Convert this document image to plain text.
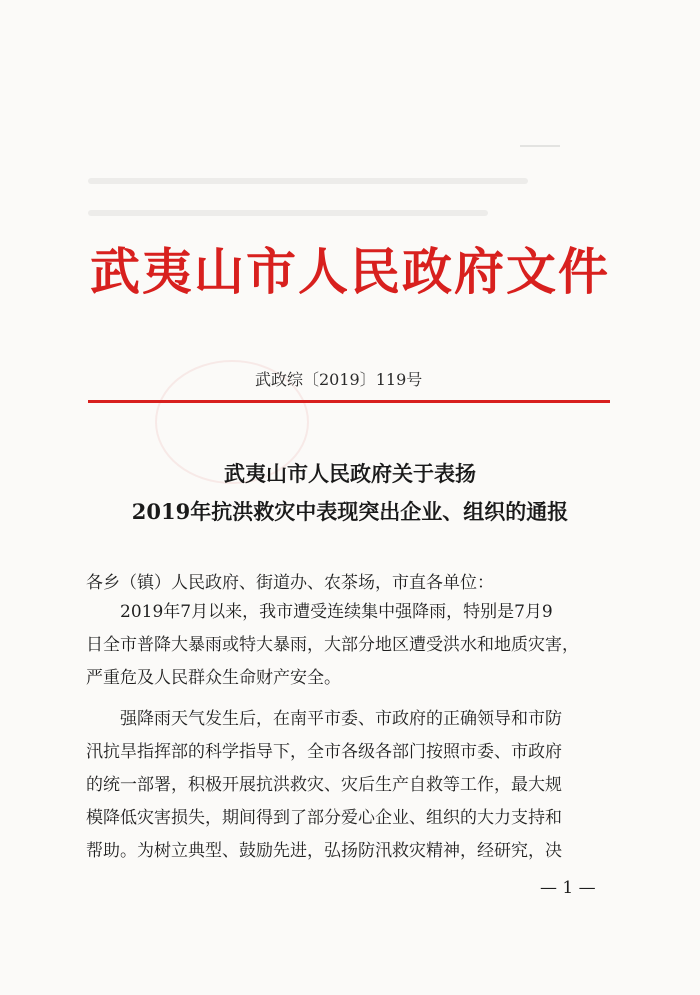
武夷山市人民政府文件
武政综〔2019〕119号
武夷山市人民政府关于表扬
2019年抗洪救灾中表现突出企业、组织的通报
各乡（镇）人民政府、街道办、农茶场，市直各单位：
　　2019年7月以来，我市遭受连续集中强降雨，特别是7月9
日全市普降大暴雨或特大暴雨，大部分地区遭受洪水和地质灾害，
严重危及人民群众生命财产安全。
　　强降雨天气发生后，在南平市委、市政府的正确领导和市防
汛抗旱指挥部的科学指导下，全市各级各部门按照市委、市政府
的统一部署，积极开展抗洪救灾、灾后生产自救等工作，最大规
模降低灾害损失，期间得到了部分爱心企业、组织的大力支持和
帮助。为树立典型、鼓励先进，弘扬防汛救灾精神，经研究，决
— 1 —
